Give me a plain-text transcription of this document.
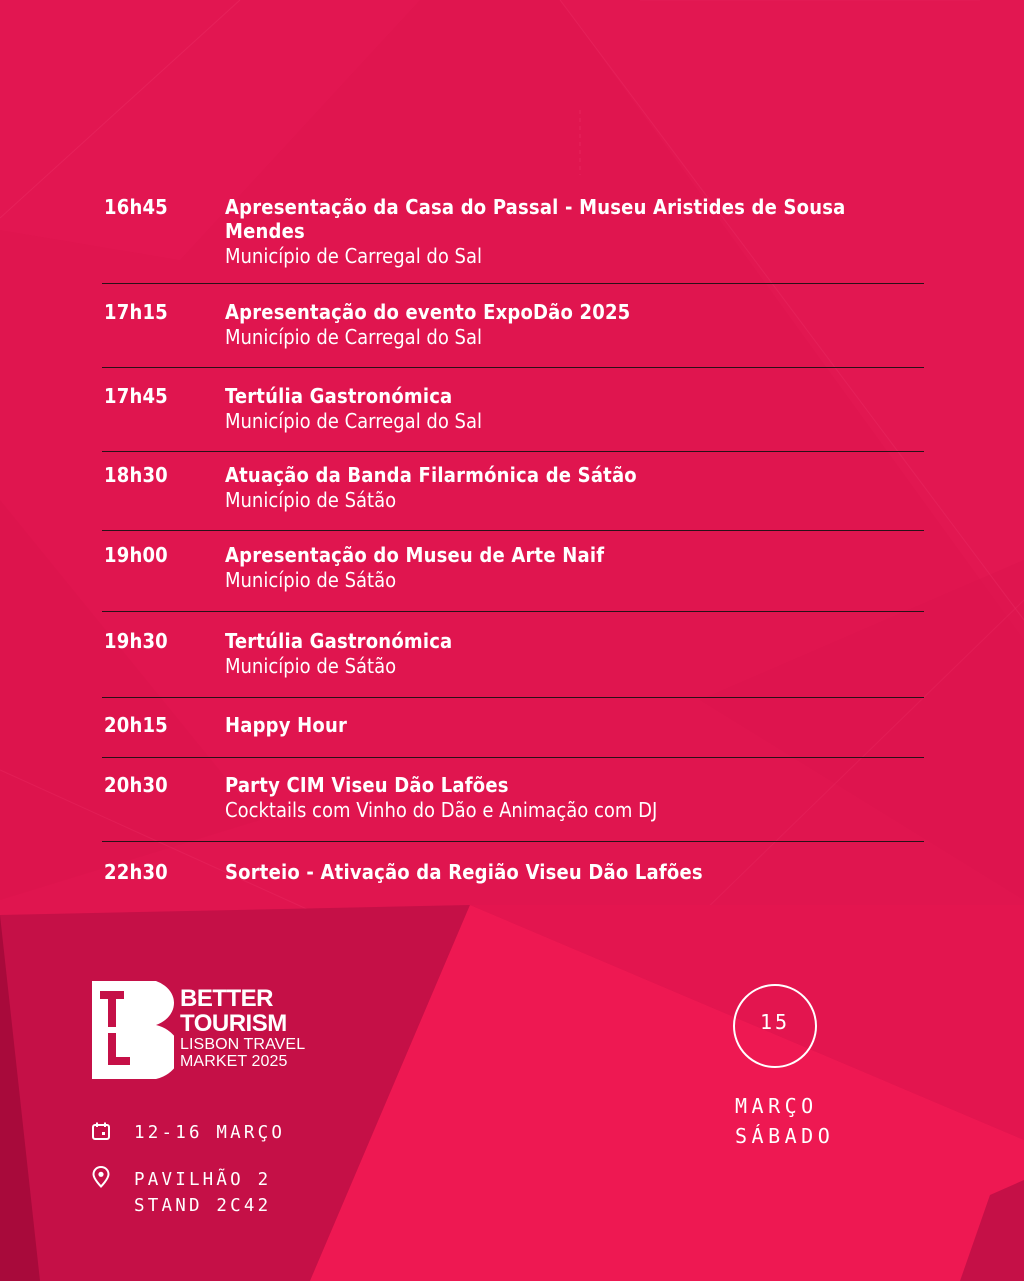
16h45	Apresentação da Casa do Passal - Museu Aristides de Sousa Mendes
Município de Carregal do Sal
17h15	Apresentação do evento ExpoDão 2025
Município de Carregal do Sal
17h45	Tertúlia Gastronómica
Município de Carregal do Sal
18h30	Atuação da Banda Filarmónica de Sátão
Município de Sátão
19h00	Apresentação do Museu de Arte Naif
Município de Sátão
19h30	Tertúlia Gastronómica
Município de Sátão
20h15	Happy Hour
20h30	Party CIM Viseu Dão Lafões
Cocktails com Vinho do Dão e Animação com DJ
22h30	Sorteio - Ativação da Região Viseu Dão Lafões
BETTER
TOURISM
LISBON TRAVEL
MARKET 2025
12-16 MARÇO
PAVILHÃO 2
STAND 2C42
15
MARÇO
SÁBADO
